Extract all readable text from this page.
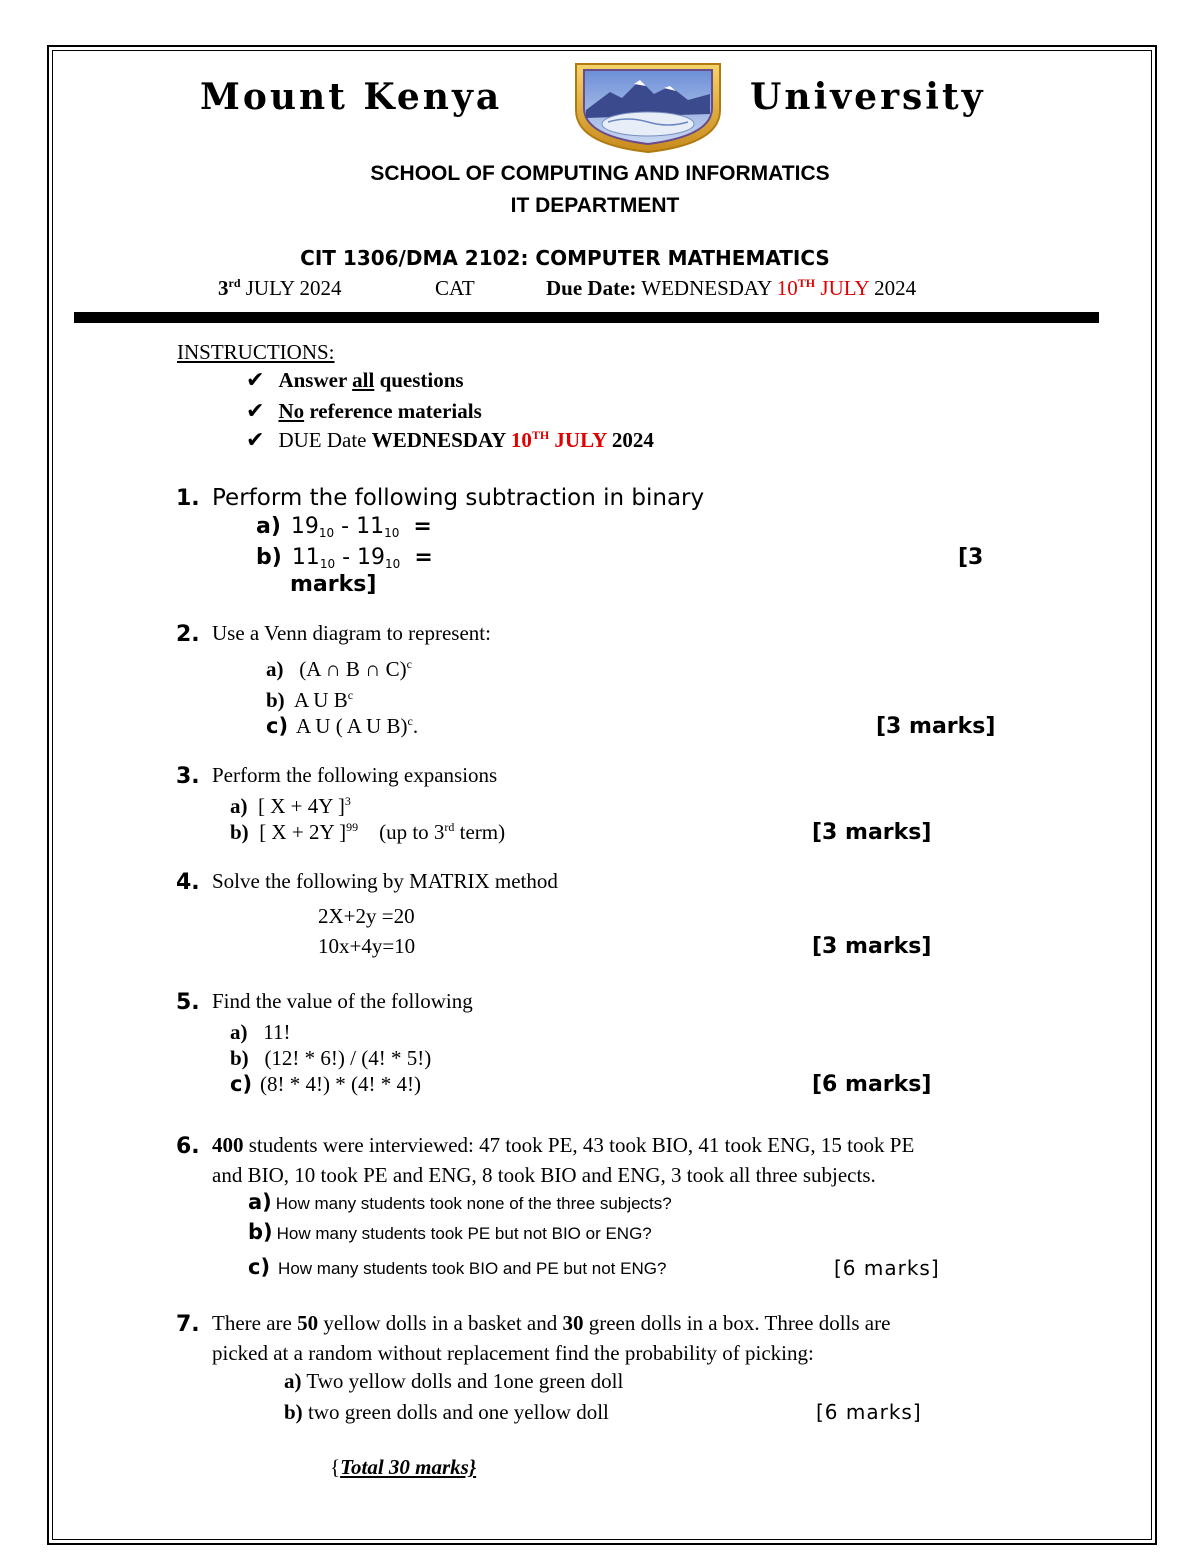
Mount Kenya	University
SCHOOL OF COMPUTING AND INFORMATICS
IT DEPARTMENT
CIT 1306/DMA 2102: COMPUTER MATHEMATICS
3rd JULY 2024	CAT	Due Date: WEDNESDAY 10TH JULY 2024
INSTRUCTIONS:
✔ Answer all questions
✔ No reference materials
✔ DUE Date WEDNESDAY 10TH JULY 2024
1. Perform the following subtraction in binary
a) $19_{10} - 11_{10}$ =
b) $11_{10} - 19_{10}$ =	[3
marks]
2. Use a Venn diagram to represent:
a) (A ∩ B ∩ C)$^c$
b) A U $B^c$
c) A U ( A U B)$^c$.	[3 marks]
3. Perform the following expansions
a) [ X + 4Y ]$^3$
b) [ X + 2Y ]$^{99}$ (up to 3rd term)	[3 marks]
4. Solve the following by MATRIX method
2X+2y =20
10x+4y=10	[3 marks]
5. Find the value of the following
a) 11!
b) (12! * 6!) / (4! * 5!)
c) (8! * 4!) * (4! * 4!)	[6 marks]
6. 400 students were interviewed: 47 took PE, 43 took BIO, 41 took ENG, 15 took PE
and BIO, 10 took PE and ENG, 8 took BIO and ENG, 3 took all three subjects.
a) How many students took none of the three subjects?
b) How many students took PE but not BIO or ENG?
c) How many students took BIO and PE but not ENG?	[6 marks]
7. There are 50 yellow dolls in a basket and 30 green dolls in a box. Three dolls are
picked at a random without replacement find the probability of picking:
a) Two yellow dolls and 1one green doll
b) two green dolls and one yellow doll	[6 marks]
{Total 30 marks}
